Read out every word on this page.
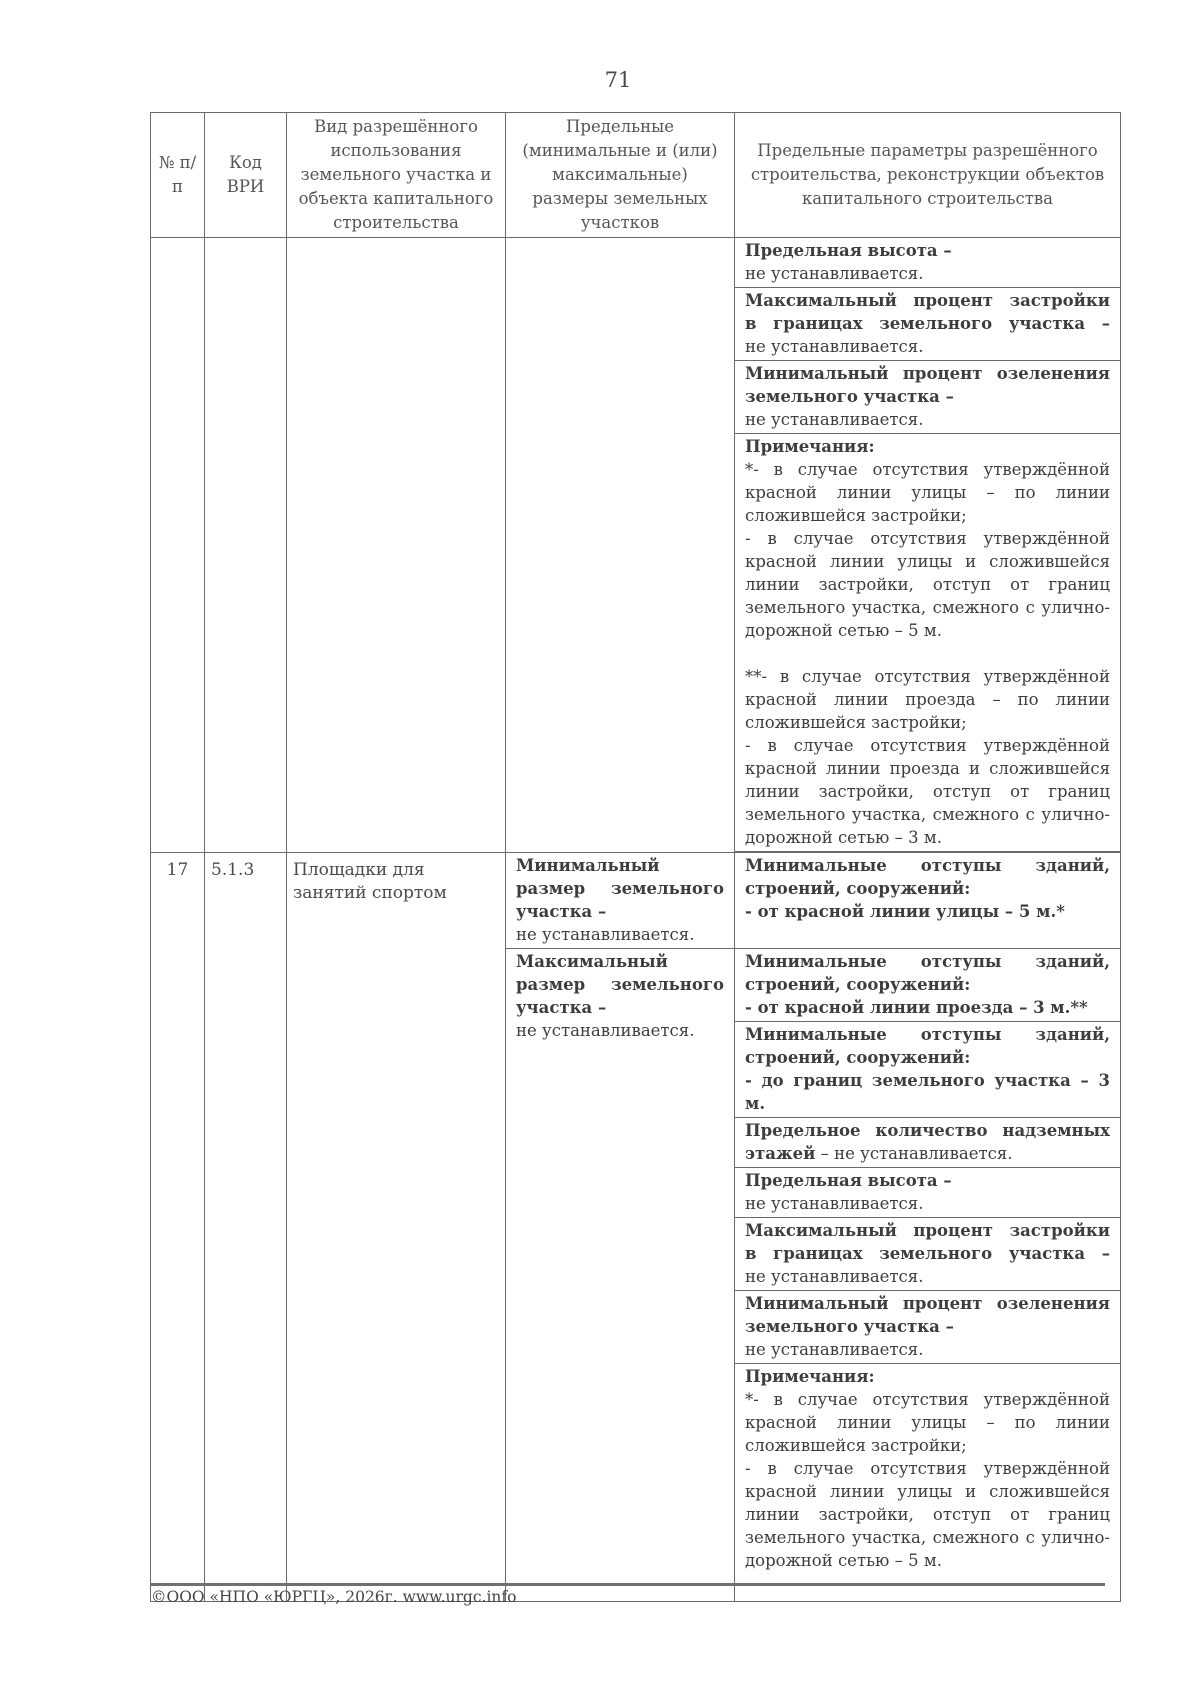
71
№ п/п	Код ВРИ	Вид разрешённого использования земельного участка и объекта капитального строительства	Предельные (минимальные и (или) максимальные) размеры земельных участков	Предельные параметры разрешённого строительства, реконструкции объектов капитального строительства

				Предельная высота –
не устанавливается.

				Максимальный процент застройки
в границах земельного участка –
не устанавливается.

				Минимальный процент озеленения
земельного участка –
не устанавливается.

				Примечания:
*- в случае отсутствия утверждённой красной линии улицы – по линии сложившейся застройки;
- в случае отсутствия утверждённой красной линии улицы и сложившейся линии застройки, отступ от границ земельного участка, смежного с улично-дорожной сетью – 5 м.
**- в случае отсутствия утверждённой красной линии проезда – по линии сложившейся застройки;
- в случае отсутствия утверждённой красной линии проезда и сложившейся линии застройки, отступ от границ земельного участка, смежного с улично-дорожной сетью – 3 м.

17	5.1.3	Площадки для занятий спортом	Минимальный размер земельного участка –
не устанавливается.	Минимальные отступы зданий,
строений, сооружений:
- от красной линии улицы – 5 м.*

			Максимальный размер земельного участка –
не устанавливается.	Минимальные отступы зданий,
строений, сооружений:
- от красной линии проезда – 3 м.**

				Минимальные отступы зданий,
строений, сооружений:
- до границ земельного участка – 3 м.

				Предельное количество надземных
этажей – не устанавливается.

				Предельная высота –
не устанавливается.

				Максимальный процент застройки
в границах земельного участка –
не устанавливается.

				Минимальный процент озеленения
земельного участка –
не устанавливается.

				Примечания:
*- в случае отсутствия утверждённой красной линии улицы – по линии сложившейся застройки;
- в случае отсутствия утверждённой красной линии улицы и сложившейся линии застройки, отступ от границ земельного участка, смежного с улично-дорожной сетью – 5 м.
©ООО «НПО «ЮРГЦ», 2026г. www.urgc.info
